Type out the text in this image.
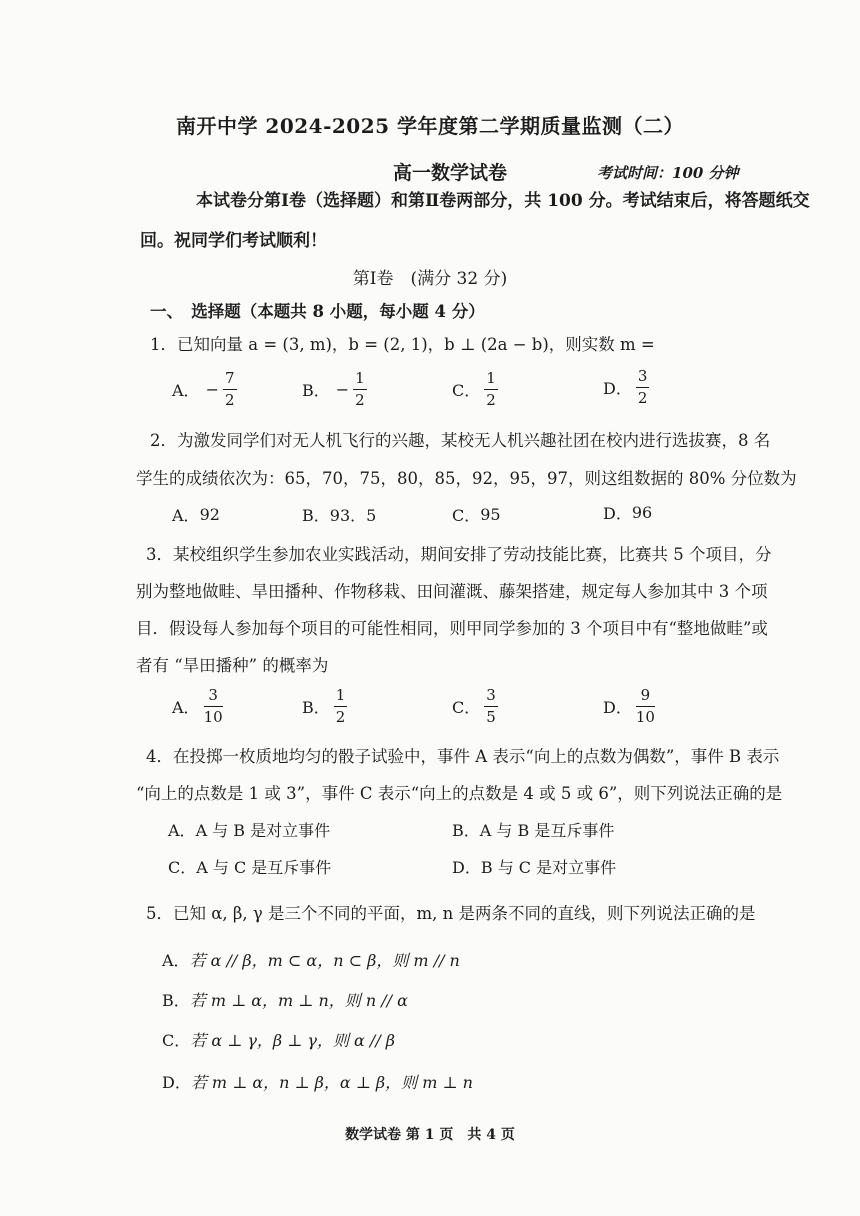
南开中学 2024-2025 学年度第二学期质量监测（二）
高一数学试卷	考试时间：100 分钟
本试卷分第Ⅰ卷（选择题）和第Ⅱ卷两部分，共 100 分。考试结束后，将答题纸交
回。祝同学们考试顺利！
第Ⅰ卷　(满分 32 分)
一、　选择题（本题共 8 小题，每小题 4 分）
1．已知向量 a = (3, m)，b = (2, 1)，b ⊥ (2a − b)，则实数 m =
A． − $\frac{7}{2}$	B． − $\frac{1}{2}$	C． $\frac{1}{2}$	D． $\frac{3}{2}$
2．为激发同学们对无人机飞行的兴趣，某校无人机兴趣社团在校内进行选拔赛，8 名
学生的成绩依次为：65，70，75，80，85，92，95，97，则这组数据的 80% 分位数为
A． 92	B． 93．5	C． 95	D． 96
3．某校组织学生参加农业实践活动，期间安排了劳动技能比赛，比赛共 5 个项目，分
别为整地做畦、旱田播种、作物移栽、田间灌溉、藤架搭建，规定每人参加其中 3 个项
目．假设每人参加每个项目的可能性相同，则甲同学参加的 3 个项目中有“整地做畦”或
者有 “旱田播种” 的概率为
A． $\frac{3}{10}$	B． $\frac{1}{2}$	C． $\frac{3}{5}$	D． $\frac{9}{10}$
4．在投掷一枚质地均匀的骰子试验中，事件 A 表示“向上的点数为偶数”，事件 B 表示
“向上的点数是 1 或 3”，事件 C 表示“向上的点数是 4 或 5 或 6”，则下列说法正确的是
A． A 与 B 是对立事件	B． A 与 B 是互斥事件
C． A 与 C 是互斥事件	D． B 与 C 是对立事件
5．已知 α, β, γ 是三个不同的平面，m, n 是两条不同的直线，则下列说法正确的是
A． 若 α // β，m ⊂ α，n ⊂ β，则 m // n
B． 若 m ⊥ α，m ⊥ n，则 n // α
C． 若 α ⊥ γ，β ⊥ γ，则 α // β
D． 若 m ⊥ α，n ⊥ β，α ⊥ β，则 m ⊥ n
数学试卷 第 1 页　共 4 页
